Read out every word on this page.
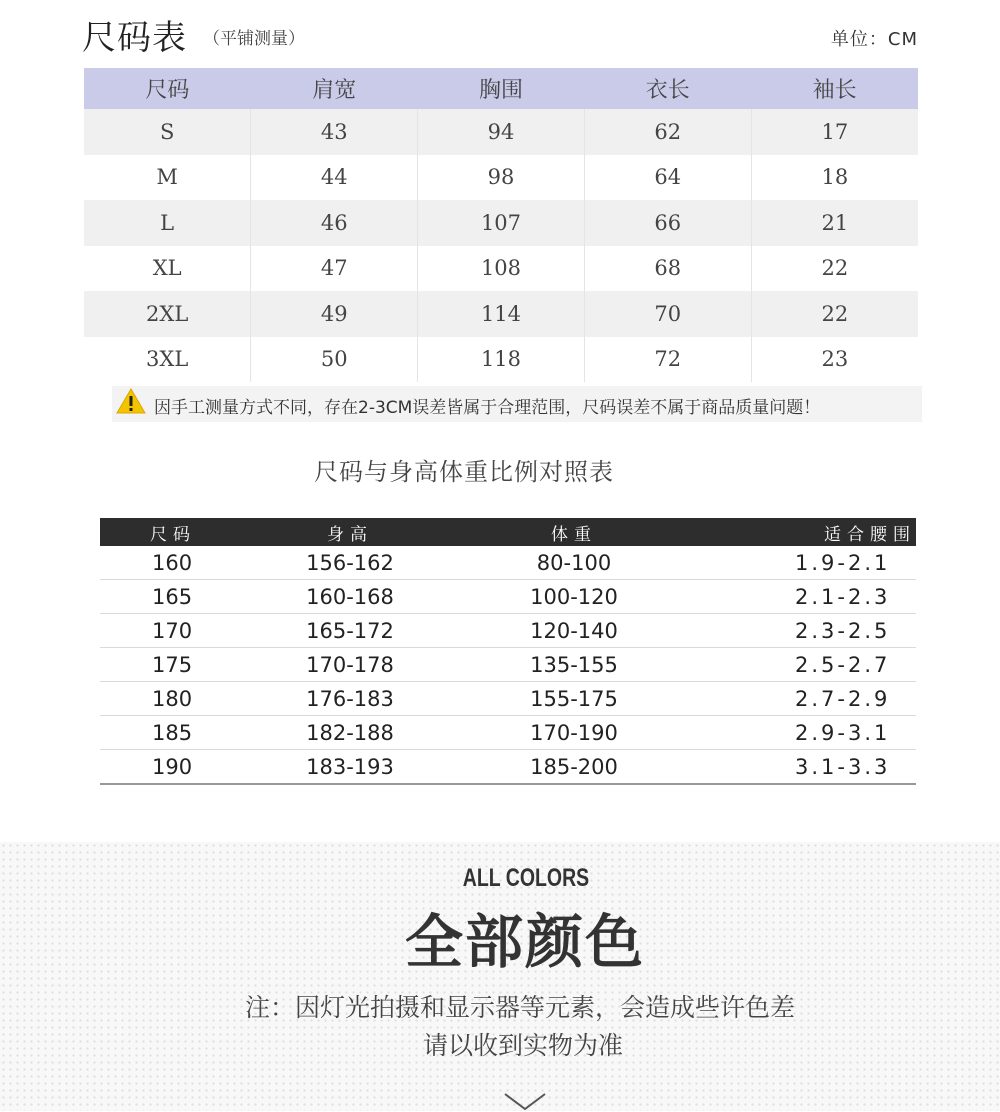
尺码表 （平铺测量）	单位：CM
尺码	肩宽	胸围	衣长	袖长
S	43	94	62	17
M	44	98	64	18
L	46	107	66	21
XL	47	108	68	22
2XL	49	114	70	22
3XL	50	118	72	23
因手工测量方式不同，存在2-3CM误差皆属于合理范围，尺码误差不属于商品质量问题！
尺码与身高体重比例对照表
尺码	身高	体重	适合腰围
160	156-162	80-100	1.9-2.1
165	160-168	100-120	2.1-2.3
170	165-172	120-140	2.3-2.5
175	170-178	135-155	2.5-2.7
180	176-183	155-175	2.7-2.9
185	182-188	170-190	2.9-3.1
190	183-193	185-200	3.1-3.3
ALL COLORS
全部颜色
注：因灯光拍摄和显示器等元素，会造成些许色差
请以收到实物为准
